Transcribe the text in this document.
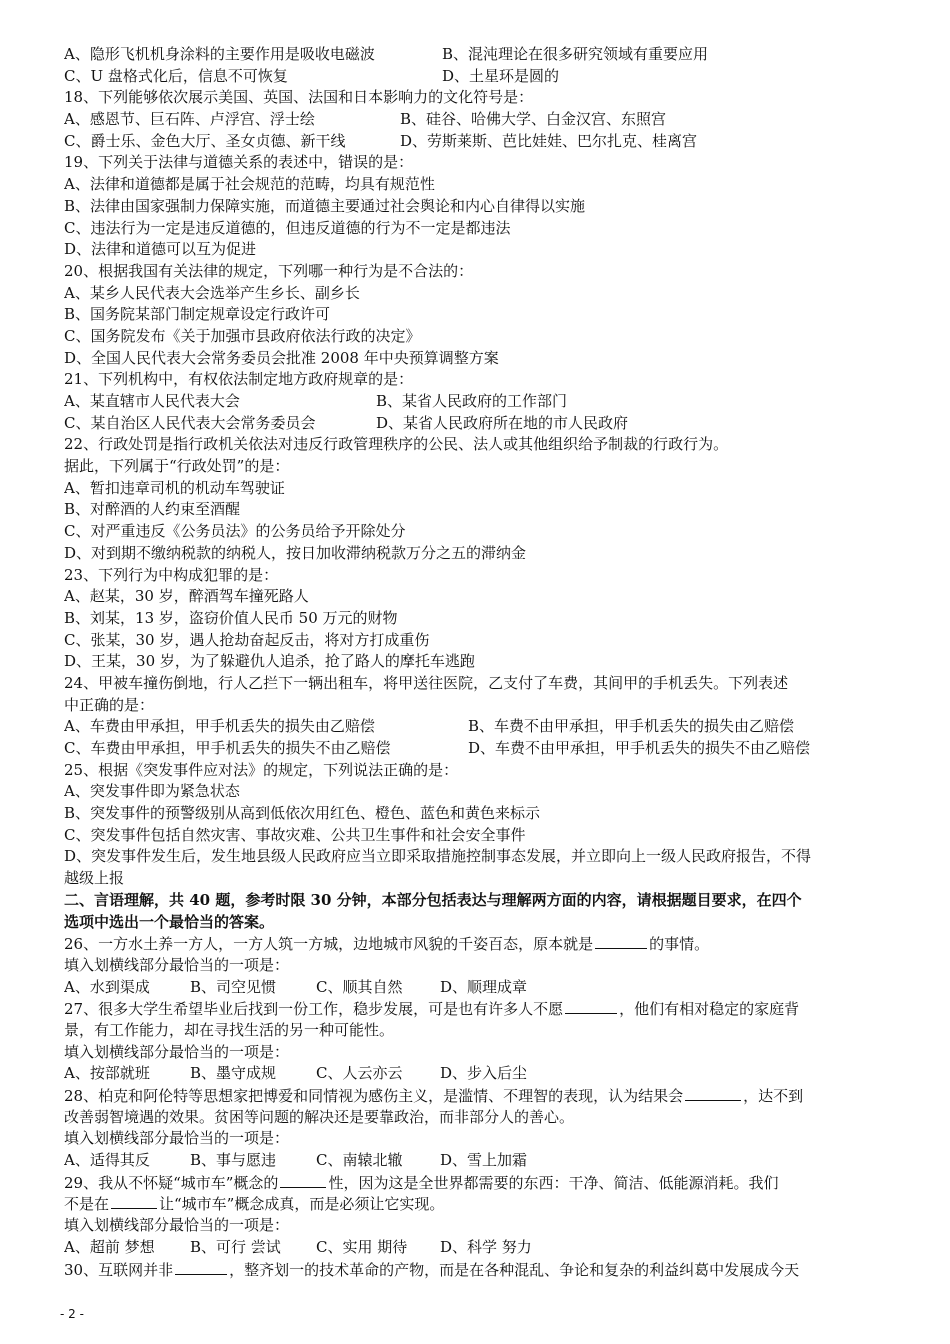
A、隐形飞机机身涂料的主要作用是吸收电磁波	B、混沌理论在很多研究领域有重要应用
C、U 盘格式化后，信息不可恢复	D、土星环是圆的
18、下列能够依次展示美国、英国、法国和日本影响力的文化符号是：
A、感恩节、巨石阵、卢浮宫、浮士绘	B、硅谷、哈佛大学、白金汉宫、东照宫
C、爵士乐、金色大厅、圣女贞德、新干线	D、劳斯莱斯、芭比娃娃、巴尔扎克、桂离宫
19、下列关于法律与道德关系的表述中，错误的是：
A、法律和道德都是属于社会规范的范畴，均具有规范性
B、法律由国家强制力保障实施，而道德主要通过社会舆论和内心自律得以实施
C、违法行为一定是违反道德的，但违反道德的行为不一定是都违法
D、法律和道德可以互为促进
20、根据我国有关法律的规定，下列哪一种行为是不合法的：
A、某乡人民代表大会选举产生乡长、副乡长
B、国务院某部门制定规章设定行政许可
C、国务院发布《关于加强市县政府依法行政的决定》
D、全国人民代表大会常务委员会批准 2008 年中央预算调整方案
21、下列机构中，有权依法制定地方政府规章的是：
A、某直辖市人民代表大会	B、某省人民政府的工作部门
C、某自治区人民代表大会常务委员会	D、某省人民政府所在地的市人民政府
22、行政处罚是指行政机关依法对违反行政管理秩序的公民、法人或其他组织给予制裁的行政行为。
据此，下列属于“行政处罚”的是：
A、暂扣违章司机的机动车驾驶证
B、对醉酒的人约束至酒醒
C、对严重违反《公务员法》的公务员给予开除处分
D、对到期不缴纳税款的纳税人，按日加收滞纳税款万分之五的滞纳金
23、下列行为中构成犯罪的是：
A、赵某，30 岁，醉酒驾车撞死路人
B、刘某，13 岁，盗窃价值人民币 50 万元的财物
C、张某，30 岁，遇人抢劫奋起反击，将对方打成重伤
D、王某，30 岁，为了躲避仇人追杀，抢了路人的摩托车逃跑
24、甲被车撞伤倒地，行人乙拦下一辆出租车，将甲送往医院，乙支付了车费，其间甲的手机丢失。下列表述
中正确的是：
A、车费由甲承担，甲手机丢失的损失由乙赔偿	B、车费不由甲承担，甲手机丢失的损失由乙赔偿
C、车费由甲承担，甲手机丢失的损失不由乙赔偿	D、车费不由甲承担，甲手机丢失的损失不由乙赔偿
25、根据《突发事件应对法》的规定，下列说法正确的是：
A、突发事件即为紧急状态
B、突发事件的预警级别从高到低依次用红色、橙色、蓝色和黄色来标示
C、突发事件包括自然灾害、事故灾难、公共卫生事件和社会安全事件
D、突发事件发生后，发生地县级人民政府应当立即采取措施控制事态发展，并立即向上一级人民政府报告，不得
越级上报
二、言语理解，共 40 题，参考时限 30 分钟，本部分包括表达与理解两方面的内容，请根据题目要求，在四个
选项中选出一个最恰当的答案。
26、一方水土养一方人，一方人筑一方城，边地城市风貌的千姿百态，原本就是	的事情。
填入划横线部分最恰当的一项是：
A、水到渠成	B、司空见惯	C、顺其自然	D、顺理成章
27、很多大学生希望毕业后找到一份工作，稳步发展，可是也有许多人不愿	，他们有相对稳定的家庭背
景，有工作能力，却在寻找生活的另一种可能性。
填入划横线部分最恰当的一项是：
A、按部就班	B、墨守成规	C、人云亦云	D、步入后尘
28、柏克和阿伦特等思想家把博爱和同情视为感伤主义，是滥情、不理智的表现，认为结果会	，达不到
改善弱智境遇的效果。贫困等问题的解决还是要靠政治，而非部分人的善心。
填入划横线部分最恰当的一项是：
A、适得其反	B、事与愿违	C、南辕北辙	D、雪上加霜
29、我从不怀疑“城市车”概念的	性，因为这是全世界都需要的东西：干净、简洁、低能源消耗。我们
不是在	让“城市车”概念成真，而是必须让它实现。
填入划横线部分最恰当的一项是：
A、超前 梦想	B、可行 尝试	C、实用 期待	D、科学 努力
30、互联网并非	，整齐划一的技术革命的产物，而是在各种混乱、争论和复杂的利益纠葛中发展成今天
- 2 -
